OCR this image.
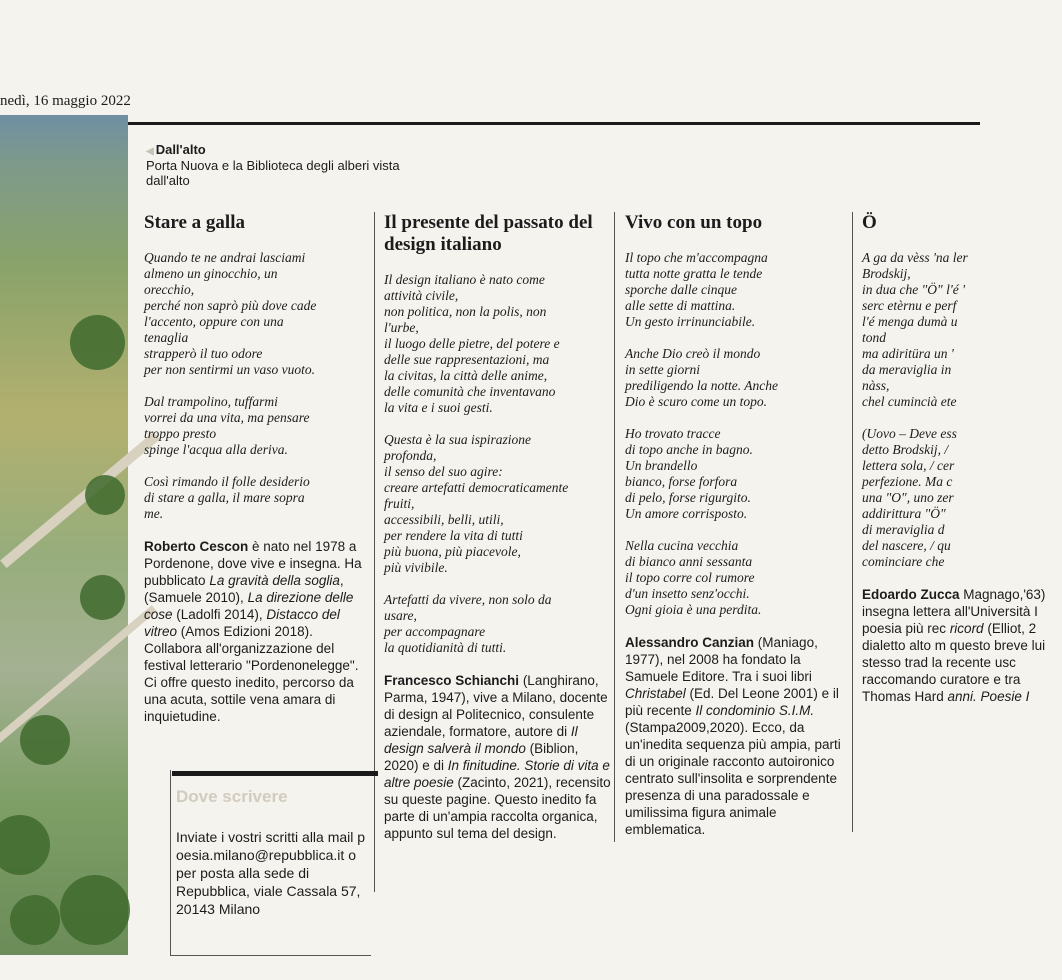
nedì, 16 maggio 2022
◀ Dall'alto
Porta Nuova e la Biblioteca degli alberi vista dall'alto
Stare a galla
Quando te ne andrai lasciami
almeno un ginocchio, un
orecchio,
perché non saprò più dove cade
l'accento, oppure con una
tenaglia
strapperò il tuo odore
per non sentirmi un vaso vuoto.
Dal trampolino, tuffarmi
vorrei da una vita, ma pensare
troppo presto
spinge l'acqua alla deriva.
Così rimando il folle desiderio
di stare a galla, il mare sopra
me.
Roberto Cescon è nato nel 1978 a Pordenone, dove vive e insegna. Ha pubblicato La gravità della soglia, (Samuele 2010), La direzione delle cose (Ladolfi 2014), Distacco del vitreo (Amos Edizioni 2018). Collabora all'organizzazione del festival letterario "Pordenonelegge". Ci offre questo inedito, percorso da una acuta, sottile vena amara di inquietudine.
Il presente del passato del design italiano
Il design italiano è nato come
attività civile,
non politica, non la polis, non
l'urbe,
il luogo delle pietre, del potere e
delle sue rappresentazioni, ma
la civitas, la città delle anime,
delle comunità che inventavano
la vita e i suoi gesti.
Questa è la sua ispirazione
profonda,
il senso del suo agire:
creare artefatti democraticamente
fruiti,
accessibili, belli, utili,
per rendere la vita di tutti
più buona, più piacevole,
più vivibile.
Artefatti da vivere, non solo da
usare,
per accompagnare
la quotidianità di tutti.
Francesco Schianchi (Langhirano, Parma, 1947), vive a Milano, docente di design al Politecnico, consulente aziendale, formatore, autore di Il design salverà il mondo (Biblion, 2020) e di In finitudine. Storie di vita e altre poesie (Zacinto, 2021), recensito su queste pagine. Questo inedito fa parte di un'ampia raccolta organica, appunto sul tema del design.
Vivo con un topo
Il topo che m'accompagna
tutta notte gratta le tende
sporche dalle cinque
alle sette di mattina.
Un gesto irrinunciabile.
Anche Dio creò il mondo
in sette giorni
prediligendo la notte. Anche
Dio è scuro come un topo.
Ho trovato tracce
di topo anche in bagno.
Un brandello
bianco, forse forfora
di pelo, forse rigurgito.
Un amore corrisposto.
Nella cucina vecchia
di bianco anni sessanta
il topo corre col rumore
d'un insetto senz'occhi.
Ogni gioia è una perdita.
Alessandro Canzian (Maniago, 1977), nel 2008 ha fondato la Samuele Editore. Tra i suoi libri Christabel (Ed. Del Leone 2001) e il più recente Il condominio S.I.M. (Stampa2009,2020). Ecco, da un'inedita sequenza più ampia, parti di un originale racconto autoironico centrato sull'insolita e sorprendente presenza di una paradossale e umilissima figura animale emblematica.
Ö
A ga da vèss 'na ler
Brodskij,
in dua che "Ö" l'é '
serc etèrnu e perf
l'é menga dumà u
tond
ma adiritüra un '
da meraviglia in
nàss,
chel cumincià ete
(Uovo – Deve ess
detto Brodskij, /
lettera sola, / cer
perfezione. Ma c
una "O", uno zer
addirittura "Ö"
di meraviglia d
del nascere, / qu
cominciare che
Edoardo Zucca Magnago,'63) insegna lettera all'Università I poesia più rec ricord (Elliot, 2 dialetto alto m questo breve lui stesso trad la recente usc raccomando curatore e tra Thomas Hard anni. Poesie I
Dove scrivere
Inviate i vostri scritti alla mail poesia.milano@repubblica.it o per posta alla sede di Repubblica, viale Cassala 57, 20143 Milano
